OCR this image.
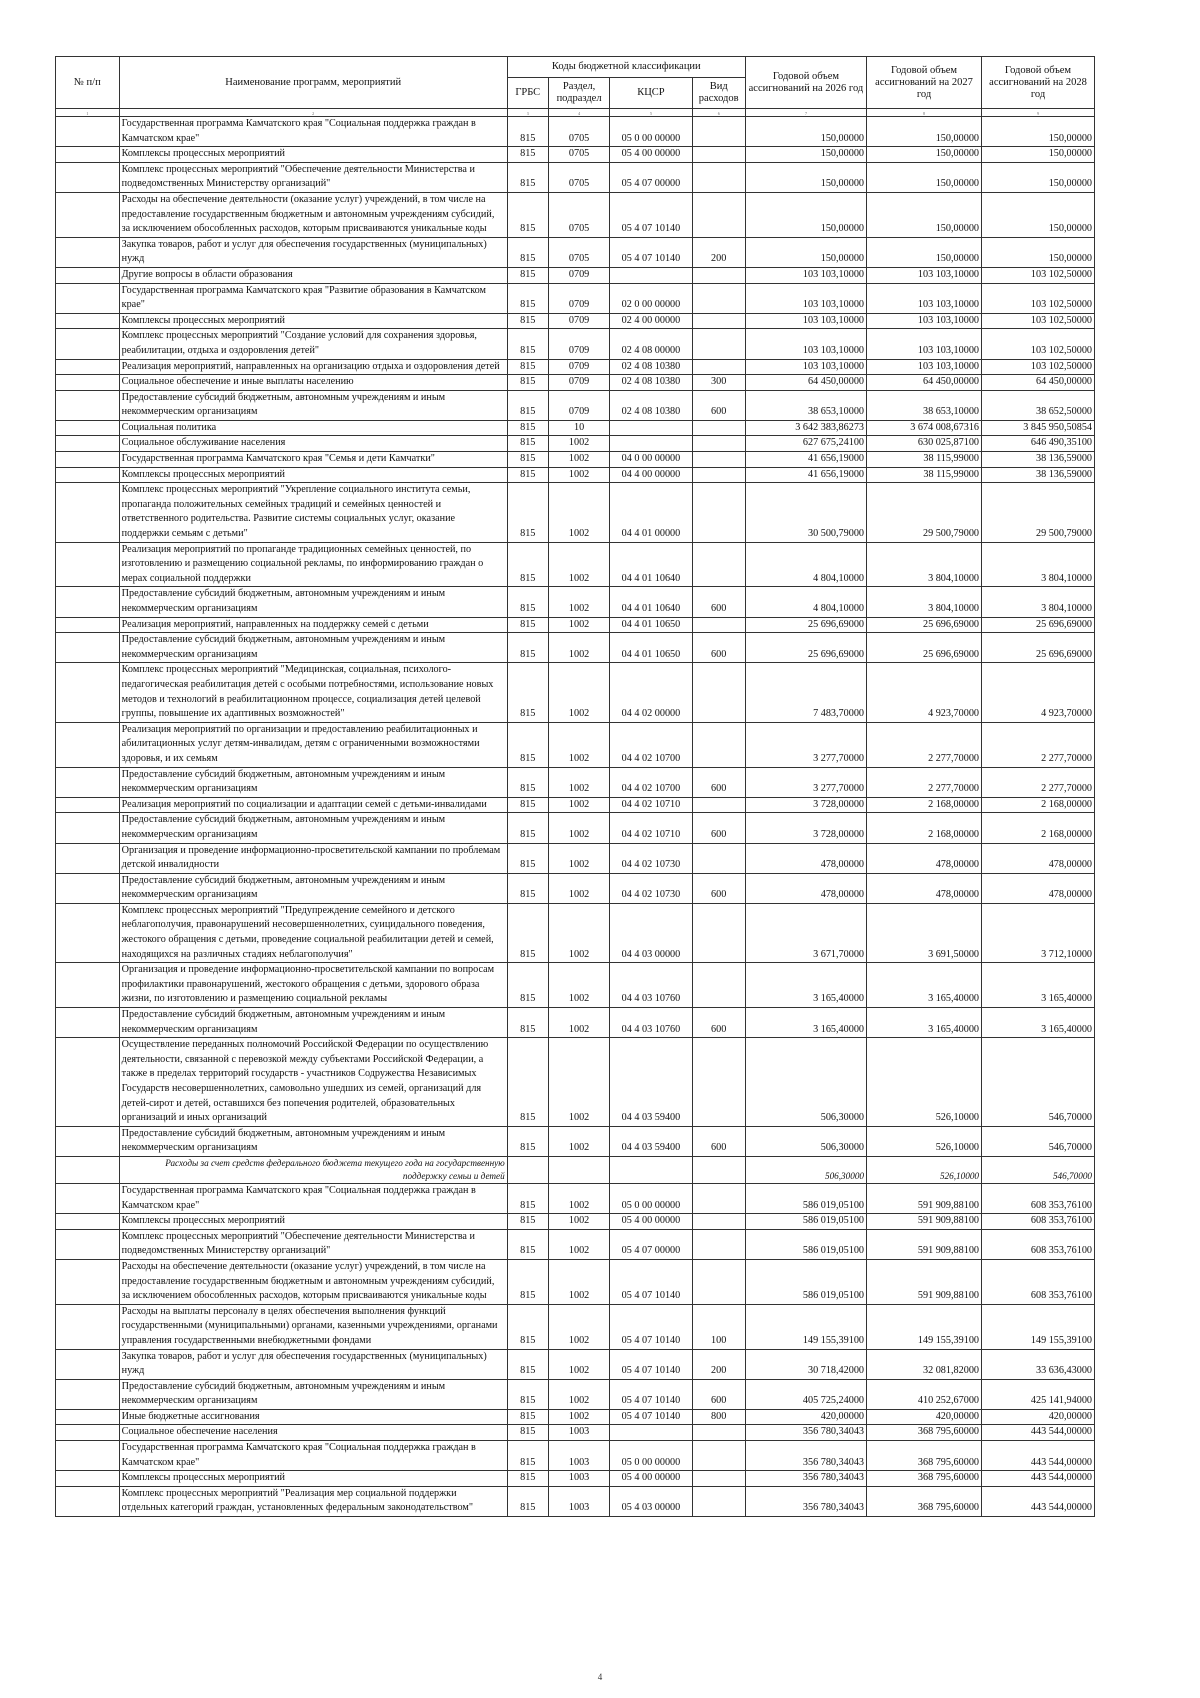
№ п/п	Наименование программ, мероприятий	Коды бюджетной классификации				Годовой объем ассигнований на 2026 год	Годовой объем ассигнований на 2027 год	Годовой объем ассигнований на 2028 год
		ГРБС	Раздел, подраздел	КЦСР	Вид расходов			
1	2	3	4	5	6	7	8	9
	Государственная программа Камчатского края "Социальная поддержка граждан в Камчатском крае"	815	0705	05 0 00 00000		150,00000	150,00000	150,00000
	Комплексы процессных мероприятий	815	0705	05 4 00 00000		150,00000	150,00000	150,00000
	Комплекс процессных мероприятий "Обеспечение деятельности Министерства и подведомственных Министерству организаций"	815	0705	05 4 07 00000		150,00000	150,00000	150,00000
	Расходы на обеспечение деятельности (оказание услуг) учреждений, в том числе на предоставление государственным бюджетным и автономным учреждениям субсидий, за исключением обособленных расходов, которым присваиваются уникальные коды	815	0705	05 4 07 10140		150,00000	150,00000	150,00000
	Закупка товаров, работ и услуг для обеспечения государственных (муниципальных) нужд	815	0705	05 4 07 10140	200	150,00000	150,00000	150,00000
	Другие вопросы в области образования	815	0709			103 103,10000	103 103,10000	103 102,50000
	Государственная программа Камчатского края "Развитие образования в Камчатском крае"	815	0709	02 0 00 00000		103 103,10000	103 103,10000	103 102,50000
	Комплексы процессных мероприятий	815	0709	02 4 00 00000		103 103,10000	103 103,10000	103 102,50000
	Комплекс процессных мероприятий "Создание условий для сохранения здоровья, реабилитации, отдыха и оздоровления детей"	815	0709	02 4 08 00000		103 103,10000	103 103,10000	103 102,50000
	Реализация мероприятий, направленных на организацию отдыха и оздоровления детей	815	0709	02 4 08 10380		103 103,10000	103 103,10000	103 102,50000
	Социальное обеспечение и иные выплаты населению	815	0709	02 4 08 10380	300	64 450,00000	64 450,00000	64 450,00000
	Предоставление субсидий бюджетным, автономным учреждениям и иным некоммерческим организациям	815	0709	02 4 08 10380	600	38 653,10000	38 653,10000	38 652,50000
	Социальная политика	815	10			3 642 383,86273	3 674 008,67316	3 845 950,50854
	Социальное обслуживание населения	815	1002			627 675,24100	630 025,87100	646 490,35100
	Государственная программа Камчатского края "Семья и дети Камчатки"	815	1002	04 0 00 00000		41 656,19000	38 115,99000	38 136,59000
	Комплексы процессных мероприятий	815	1002	04 4 00 00000		41 656,19000	38 115,99000	38 136,59000
	Комплекс процессных мероприятий "Укрепление социального института семьи, пропаганда положительных семейных традиций и семейных ценностей и ответственного родительства. Развитие системы социальных услуг, оказание поддержки семьям с детьми"	815	1002	04 4 01 00000		30 500,79000	29 500,79000	29 500,79000
	Реализация мероприятий по пропаганде традиционных семейных ценностей, по изготовлению и размещению социальной рекламы, по информированию граждан о мерах социальной поддержки	815	1002	04 4 01 10640		4 804,10000	3 804,10000	3 804,10000
	Предоставление субсидий бюджетным, автономным учреждениям и иным некоммерческим организациям	815	1002	04 4 01 10640	600	4 804,10000	3 804,10000	3 804,10000
	Реализация мероприятий, направленных на поддержку семей с детьми	815	1002	04 4 01 10650		25 696,69000	25 696,69000	25 696,69000
	Предоставление субсидий бюджетным, автономным учреждениям и иным некоммерческим организациям	815	1002	04 4 01 10650	600	25 696,69000	25 696,69000	25 696,69000
	Комплекс процессных мероприятий "Медицинская, социальная, психолого-педагогическая реабилитация детей с особыми потребностями, использование новых методов и технологий в реабилитационном процессе, социализация детей целевой группы, повышение их адаптивных возможностей"	815	1002	04 4 02 00000		7 483,70000	4 923,70000	4 923,70000
	Реализация мероприятий по организации и предоставлению реабилитационных и абилитационных услуг детям-инвалидам, детям с ограниченными возможностями здоровья, и их семьям	815	1002	04 4 02 10700		3 277,70000	2 277,70000	2 277,70000
	Предоставление субсидий бюджетным, автономным учреждениям и иным некоммерческим организациям	815	1002	04 4 02 10700	600	3 277,70000	2 277,70000	2 277,70000
	Реализация мероприятий по социализации и адаптации семей с детьми-инвалидами	815	1002	04 4 02 10710		3 728,00000	2 168,00000	2 168,00000
	Предоставление субсидий бюджетным, автономным учреждениям и иным некоммерческим организациям	815	1002	04 4 02 10710	600	3 728,00000	2 168,00000	2 168,00000
	Организация и проведение информационно-просветительской кампании по проблемам детской инвалидности	815	1002	04 4 02 10730		478,00000	478,00000	478,00000
	Предоставление субсидий бюджетным, автономным учреждениям и иным некоммерческим организациям	815	1002	04 4 02 10730	600	478,00000	478,00000	478,00000
	Комплекс процессных мероприятий "Предупреждение семейного и детского неблагополучия, правонарушений несовершеннолетних, суицидального поведения, жестокого обращения с детьми, проведение социальной реабилитации детей и семей, находящихся на различных стадиях неблагополучия"	815	1002	04 4 03 00000		3 671,70000	3 691,50000	3 712,10000
	Организация и проведение информационно-просветительской кампании по вопросам профилактики правонарушений, жестокого обращения с детьми, здорового образа жизни, по изготовлению и размещению социальной рекламы	815	1002	04 4 03 10760		3 165,40000	3 165,40000	3 165,40000
	Предоставление субсидий бюджетным, автономным учреждениям и иным некоммерческим организациям	815	1002	04 4 03 10760	600	3 165,40000	3 165,40000	3 165,40000
	Осуществление переданных полномочий Российской Федерации по осуществлению деятельности, связанной с перевозкой между субъектами Российской Федерации, а также в пределах территорий государств - участников Содружества Независимых Государств несовершеннолетних, самовольно ушедших из семей, организаций для детей-сирот и детей, оставшихся без попечения родителей, образовательных организаций и иных организаций	815	1002	04 4 03 59400		506,30000	526,10000	546,70000
	Предоставление субсидий бюджетным, автономным учреждениям и иным некоммерческим организациям	815	1002	04 4 03 59400	600	506,30000	526,10000	546,70000
	Расходы за счет средств федерального бюджета текущего года на государственную поддержку семьи и детей					506,30000	526,10000	546,70000
	Государственная программа Камчатского края "Социальная поддержка граждан в Камчатском крае"	815	1002	05 0 00 00000		586 019,05100	591 909,88100	608 353,76100
	Комплексы процессных мероприятий	815	1002	05 4 00 00000		586 019,05100	591 909,88100	608 353,76100
	Комплекс процессных мероприятий "Обеспечение деятельности Министерства и подведомственных Министерству организаций"	815	1002	05 4 07 00000		586 019,05100	591 909,88100	608 353,76100
	Расходы на обеспечение деятельности (оказание услуг) учреждений, в том числе на предоставление государственным бюджетным и автономным учреждениям субсидий, за исключением обособленных расходов, которым присваиваются уникальные коды	815	1002	05 4 07 10140		586 019,05100	591 909,88100	608 353,76100
	Расходы на выплаты персоналу в целях обеспечения выполнения функций государственными (муниципальными) органами, казенными учреждениями, органами управления государственными внебюджетными фондами	815	1002	05 4 07 10140	100	149 155,39100	149 155,39100	149 155,39100
	Закупка товаров, работ и услуг для обеспечения государственных (муниципальных) нужд	815	1002	05 4 07 10140	200	30 718,42000	32 081,82000	33 636,43000
	Предоставление субсидий бюджетным, автономным учреждениям и иным некоммерческим организациям	815	1002	05 4 07 10140	600	405 725,24000	410 252,67000	425 141,94000
	Иные бюджетные ассигнования	815	1002	05 4 07 10140	800	420,00000	420,00000	420,00000
	Социальное обеспечение населения	815	1003			356 780,34043	368 795,60000	443 544,00000
	Государственная программа Камчатского края "Социальная поддержка граждан в Камчатском крае"	815	1003	05 0 00 00000		356 780,34043	368 795,60000	443 544,00000
	Комплексы процессных мероприятий	815	1003	05 4 00 00000		356 780,34043	368 795,60000	443 544,00000
	Комплекс процессных мероприятий "Реализация мер социальной поддержки отдельных категорий граждан, установленных федеральным законодательством"	815	1003	05 4 03 00000		356 780,34043	368 795,60000	443 544,00000
4
